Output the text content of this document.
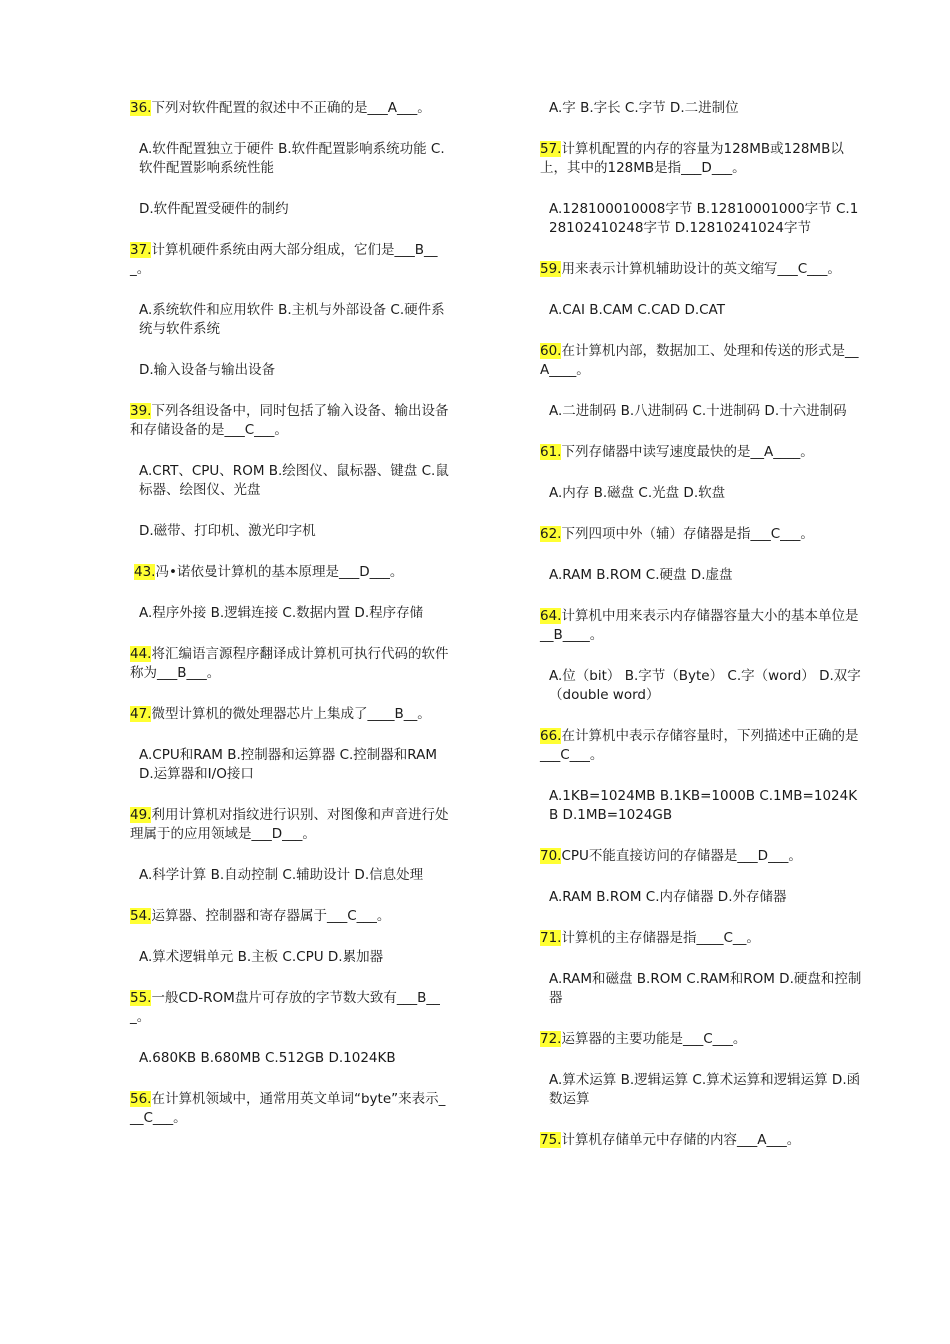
36.下列对软件配置的叙述中不正确的是___A___。
A.软件配置独立于硬件 B.软件配置影响系统功能 C.软件配置影响系统性能
D.软件配置受硬件的制约
37.计算机硬件系统由两大部分组成，它们是___B___。
A.系统软件和应用软件 B.主机与外部设备 C.硬件系统与软件系统
D.输入设备与输出设备
39.下列各组设备中，同时包括了输入设备、输出设备和存储设备的是___C___。
A.CRT、CPU、ROM B.绘图仪、鼠标器、键盘 C.鼠标器、绘图仪、光盘
D.磁带、打印机、激光印字机
43.冯•诺依曼计算机的基本原理是___D___。
A.程序外接 B.逻辑连接 C.数据内置 D.程序存储
44.将汇编语言源程序翻译成计算机可执行代码的软件称为___B___。
47.微型计算机的微处理器芯片上集成了____B__。
A.CPU和RAM B.控制器和运算器 C.控制器和RAM D.运算器和I/O接口
49.利用计算机对指纹进行识别、对图像和声音进行处理属于的应用领域是___D___。
A.科学计算 B.自动控制 C.辅助设计 D.信息处理
54.运算器、控制器和寄存器属于___C___。
A.算术逻辑单元 B.主板 C.CPU D.累加器
55.一般CD-ROM盘片可存放的字节数大致有___B___。
A.680KB B.680MB C.512GB D.1024KB
56.在计算机领域中，通常用英文单词“byte”来表示___C___。
A.字 B.字长 C.字节 D.二进制位
57.计算机配置的内存的容量为128MB或128MB以上，其中的128MB是指___D___。
A.128100010008字节 B.12810001000字节 C.128102410248字节 D.12810241024字节
59.用来表示计算机辅助设计的英文缩写___C___。
A.CAI B.CAM C.CAD D.CAT
60.在计算机内部，数据加工、处理和传送的形式是__A____。
A.二进制码 B.八进制码 C.十进制码 D.十六进制码
61.下列存储器中读写速度最快的是__A____。
A.内存 B.磁盘 C.光盘 D.软盘
62.下列四项中外（辅）存储器是指___C___。
A.RAM B.ROM C.硬盘 D.虚盘
64.计算机中用来表示内存储器容量大小的基本单位是__B____。
A.位（bit） B.字节（Byte） C.字（word） D.双字（double word）
66.在计算机中表示存储容量时，下列描述中正确的是___C___。
A.1KB=1024MB B.1KB=1000B C.1MB=1024KB D.1MB=1024GB
70.CPU不能直接访问的存储器是___D___。
A.RAM B.ROM C.内存储器 D.外存储器
71.计算机的主存储器是指____C__。
A.RAM和磁盘 B.ROM C.RAM和ROM D.硬盘和控制器
72.运算器的主要功能是___C___。
A.算术运算 B.逻辑运算 C.算术运算和逻辑运算 D.函数运算
75.计算机存储单元中存储的内容___A___。
